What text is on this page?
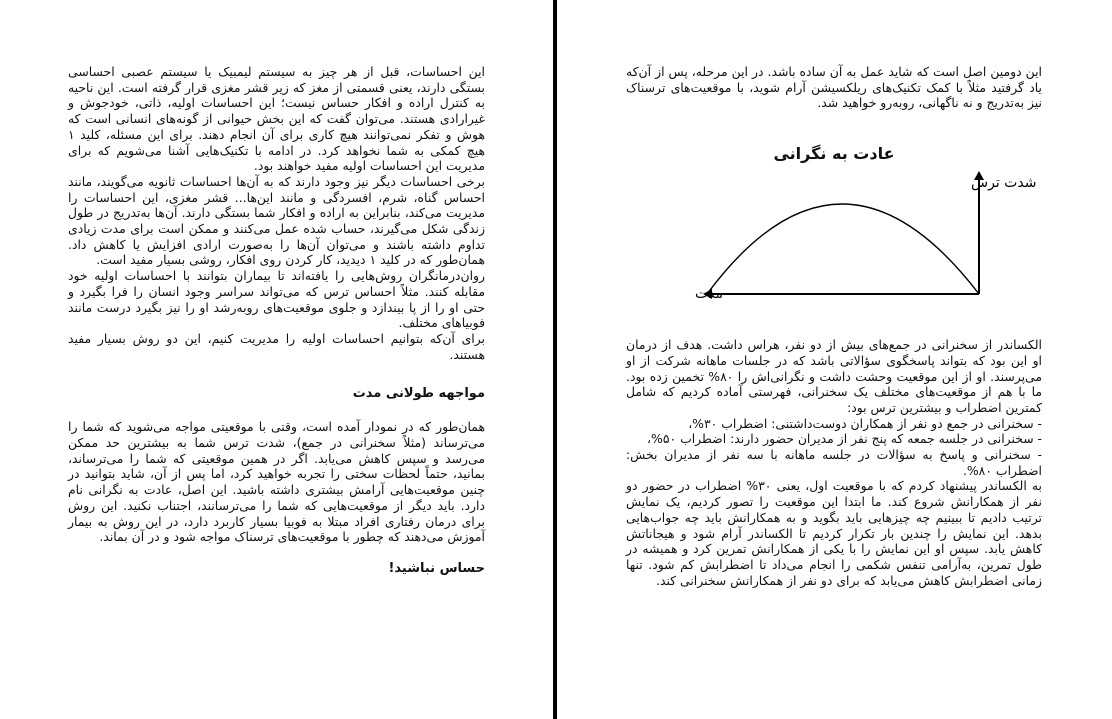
این احساسات، قبل از هر چیز به سیستم لیمبیک یا سیستم عصبی احساسی بستگی دارند، یعنی قسمتی از مغز که زیر قشر مغزی قرار گرفته است. این ناحیه به کنترل اراده و افکار حساس نیست؛ این احساسات اولیه، ذاتی، خودجوش و غیرارادی هستند. می‌توان گفت که این بخش حیوانی از گونه‌های انسانی است که هوش و تفکر نمی‌توانند هیچ کاری برای آن انجام دهند. برای این مسئله، کلید ۱ هیچ کمکی به شما نخواهد کرد. در ادامه با تکنیک‌هایی آشنا می‌شویم که برای مدیریت این احساسات اولیه مفید خواهند بود.

برخی احساسات دیگر نیز وجود دارند که به آن‌ها احساسات ثانویه می‌گویند، مانند احساس گناه، شرم، افسردگی و مانند این‌ها... قشر مغزی، این احساسات را مدیریت می‌کند، بنابراین به اراده و افکار شما بستگی دارند. آن‌ها به‌تدریج در طول زندگی شکل می‌گیرند، حساب شده عمل می‌کنند و ممکن است برای مدت زیادی تداوم داشته باشند و می‌توان آن‌ها را به‌صورت ارادی افزایش یا کاهش داد. همان‌طور که در کلید ۱ دیدید، کار کردن روی افکار، روشی بسیار مفید است.

روان‌درمانگران روش‌هایی را یافته‌اند تا بیماران بتوانند با احساسات اولیه خود مقابله کنند. مثلاً احساس ترس که می‌تواند سراسر وجود انسان را فرا بگیرد و حتی او را از پا بیندازد و جلوی موقعیت‌های روبه‌رشد او را نیز بگیرد درست مانند فوبیاهای مختلف.

برای آن‌که بتوانیم احساسات اولیه را مدیریت کنیم، این دو روش بسیار مفید هستند.

مواجهه طولانی مدت

همان‌طور که در نمودار آمده است، وقتی با موقعیتی مواجه می‌شوید که شما را می‌ترساند (مثلاً سخنرانی در جمع)، شدت ترس شما به بیشترین حد ممکن می‌رسد و سپس کاهش می‌یابد. اگر در همین موقعیتی که شما را می‌ترساند، بمانید، حتماً لحظات سختی را تجربه خواهید کرد، اما پس از آن، شاید بتوانید در چنین موقعیت‌هایی آرامش بیشتری داشته باشید. این اصل، عادت به نگرانی نام دارد. باید دیگر از موقعیت‌هایی که شما را می‌ترسانند، اجتناب نکنید. این روش برای درمان رفتاری افراد مبتلا به فوبیا بسیار کاربرد دارد، در این روش به بیمار آموزش می‌دهند که چطور با موقعیت‌های ترسناک مواجه شود و در آن بماند.

حساس نباشید!

این دومین اصل است که شاید عمل به آن ساده باشد. در این مرحله، پس از آن‌که یاد گرفتید مثلاً با کمک تکنیک‌های ریلکسیشن آرام شوید، با موقعیت‌های ترسناک نیز به‌تدریج و نه ناگهانی، روبه‌رو خواهید شد.

عادت به نگرانی
شدت ترس
مدت

الکساندر از سخنرانی در جمع‌های بیش از دو نفر، هراس داشت. هدف از درمان او این بود که بتواند پاسخگوی سؤالاتی باشد که در جلسات ماهانه شرکت از او می‌پرسند. او از این موقعیت وحشت داشت و نگرانی‌اش را ۸۰% تخمین زده بود. ما با هم از موقعیت‌های مختلف یک سخنرانی، فهرستی آماده کردیم که شامل کمترین اضطراب و بیشترین ترس بود:

- سخنرانی در جمع دو نفر از همکاران دوست‌داشتنی: اضطراب ۳۰%،

- سخنرانی در جلسه جمعه که پنج نفر از مدیران حضور دارند: اضطراب ۵۰%،

- سخنرانی و پاسخ به سؤالات در جلسه ماهانه با سه نفر از مدیران بخش: اضطراب ۸۰%.

به الکساندر پیشنهاد کردم که با موقعیت اول، یعنی ۳۰% اضطراب در حضور دو نفر از همکارانش شروع کند. ما ابتدا این موقعیت را تصور کردیم، یک نمایش ترتیب دادیم تا ببینیم چه چیزهایی باید بگوید و به همکارانش باید چه جواب‌هایی بدهد. این نمایش را چندین بار تکرار کردیم تا الکساندر آرام شود و هیجاناتش کاهش یابد. سپس او این نمایش را با یکی از همکارانش تمرین کرد و همیشه در طول تمرین، به‌آرامی تنفس شکمی را انجام می‌داد تا اضطرابش کم شود. تنها زمانی اضطرابش کاهش می‌یابد که برای دو نفر از همکارانش سخنرانی کند.
